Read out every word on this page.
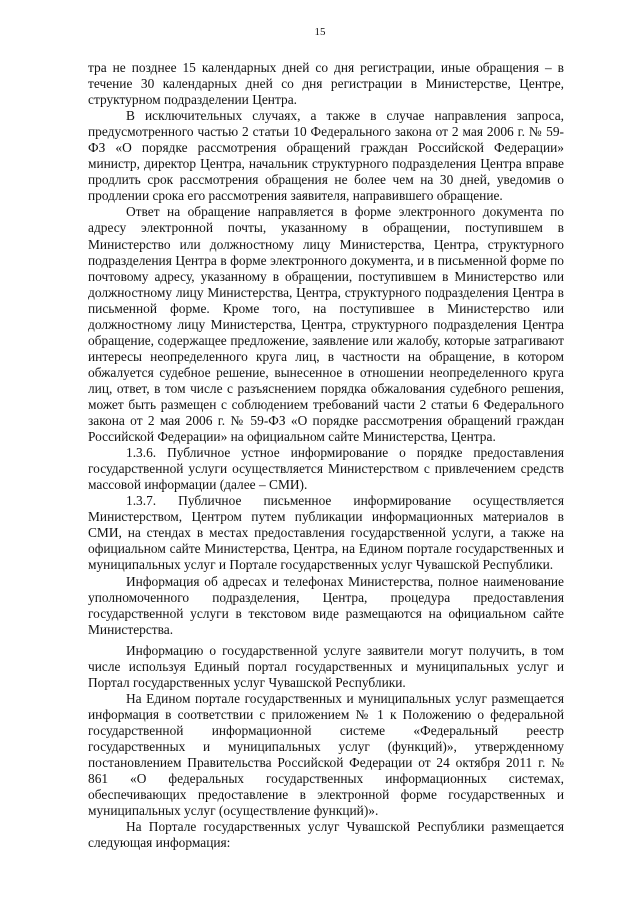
15

тра не позднее 15 календарных дней со дня регистрации, иные обращения – в течение 30 календарных дней со дня регистрации в Министерстве, Центре, структурном подразделении Центра.

В исключительных случаях, а также в случае направления запроса, предусмотренного частью 2 статьи 10 Федерального закона от 2 мая 2006 г. № 59-ФЗ «О порядке рассмотрения обращений граждан Российской Федерации» министр, директор Центра, начальник структурного подразделения Центра вправе продлить срок рассмотрения обращения не более чем на 30 дней, уведомив о продлении срока его рассмотрения заявителя, направившего обращение.

Ответ на обращение направляется в форме электронного документа по адресу электронной почты, указанному в обращении, поступившем в Министерство или должностному лицу Министерства, Центра, структурного подразделения Центра в форме электронного документа, и в письменной форме по почтовому адресу, указанному в обращении, поступившем в Министерство или должностному лицу Министерства, Центра, структурного подразделения Центра в письменной форме. Кроме того, на поступившее в Министерство или должностному лицу Министерства, Центра, структурного подразделения Центра обращение, содержащее предложение, заявление или жалобу, которые затрагивают интересы неопределенного круга лиц, в частности на обращение, в котором обжалуется судебное решение, вынесенное в отношении неопределенного круга лиц, ответ, в том числе с разъяснением порядка обжалования судебного решения, может быть размещен с соблюдением требований части 2 статьи 6 Федерального закона от 2 мая 2006 г. № 59-ФЗ «О порядке рассмотрения обращений граждан Российской Федерации» на официальном сайте Министерства, Центра.

1.3.6. Публичное устное информирование о порядке предоставления государственной услуги осуществляется Министерством с привлечением средств массовой информации (далее – СМИ).

1.3.7. Публичное письменное информирование осуществляется Министерством, Центром путем публикации информационных материалов в СМИ, на стендах в местах предоставления государственной услуги, а также на официальном сайте Министерства, Центра, на Едином портале государственных и муниципальных услуг и Портале государственных услуг Чувашской Республики.

Информация об адресах и телефонах Министерства, полное наименование уполномоченного подразделения, Центра, процедура предоставления государственной услуги в текстовом виде размещаются на официальном сайте Министерства.

Информацию о государственной услуге заявители могут получить, в том числе используя Единый портал государственных и муниципальных услуг и Портал государственных услуг Чувашской Республики.

На Едином портале государственных и муниципальных услуг размещается информация в соответствии с приложением № 1 к Положению о федеральной государственной информационной системе «Федеральный реестр государственных и муниципальных услуг (функций)», утвержденному постановлением Правительства Российской Федерации от 24 октября 2011 г. № 861 «О федеральных государственных информационных системах, обеспечивающих предоставление в электронной форме государственных и муниципальных услуг (осуществление функций)».

На Портале государственных услуг Чувашской Республики размещается следующая информация:
